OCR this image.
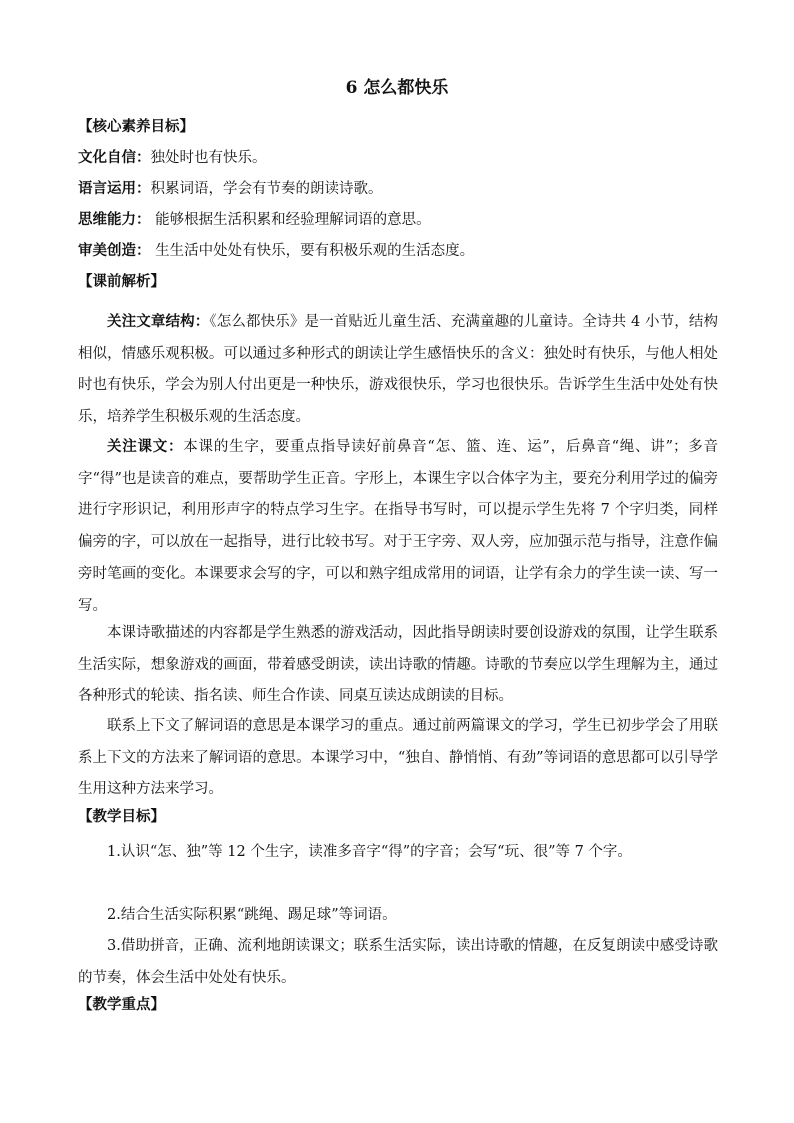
6 怎么都快乐
【核心素养目标】
文化自信：独处时也有快乐。
语言运用：积累词语，学会有节奏的朗读诗歌。
思维能力： 能够根据生活积累和经验理解词语的意思。
审美创造： 生生活中处处有快乐，要有积极乐观的生活态度。
【课前解析】
关注文章结构：《怎么都快乐》是一首贴近儿童生活、充满童趣的儿童诗。全诗共 4 小节，结构相似，情感乐观积极。可以通过多种形式的朗读让学生感悟快乐的含义：独处时有快乐，与他人相处时也有快乐，学会为别人付出更是一种快乐，游戏很快乐，学习也很快乐。告诉学生生活中处处有快乐，培养学生积极乐观的生活态度。
关注课文：本课的生字，要重点指导读好前鼻音“怎、篮、连、运”，后鼻音“绳、讲”；多音字“得”也是读音的难点，要帮助学生正音。字形上，本课生字以合体字为主，要充分利用学过的偏旁进行字形识记，利用形声字的特点学习生字。在指导书写时，可以提示学生先将 7 个字归类，同样偏旁的字，可以放在一起指导，进行比较书写。对于王字旁、双人旁，应加强示范与指导，注意作偏旁时笔画的变化。本课要求会写的字，可以和熟字组成常用的词语，让学有余力的学生读一读、写一写。
本课诗歌描述的内容都是学生熟悉的游戏活动，因此指导朗读时要创设游戏的氛围，让学生联系生活实际，想象游戏的画面，带着感受朗读，读出诗歌的情趣。诗歌的节奏应以学生理解为主，通过各种形式的轮读、指名读、师生合作读、同桌互读达成朗读的目标。
联系上下文了解词语的意思是本课学习的重点。通过前两篇课文的学习，学生已初步学会了用联系上下文的方法来了解词语的意思。本课学习中，“独自、静悄悄、有劲”等词语的意思都可以引导学生用这种方法来学习。
【教学目标】
1.认识“怎、独”等 12 个生字，读准多音字“得”的字音；会写“玩、很”等 7 个字。
2.结合生活实际积累“跳绳、踢足球”等词语。
3.借助拼音，正确、流利地朗读课文；联系生活实际，读出诗歌的情趣，在反复朗读中感受诗歌的节奏，体会生活中处处有快乐。
【教学重点】
